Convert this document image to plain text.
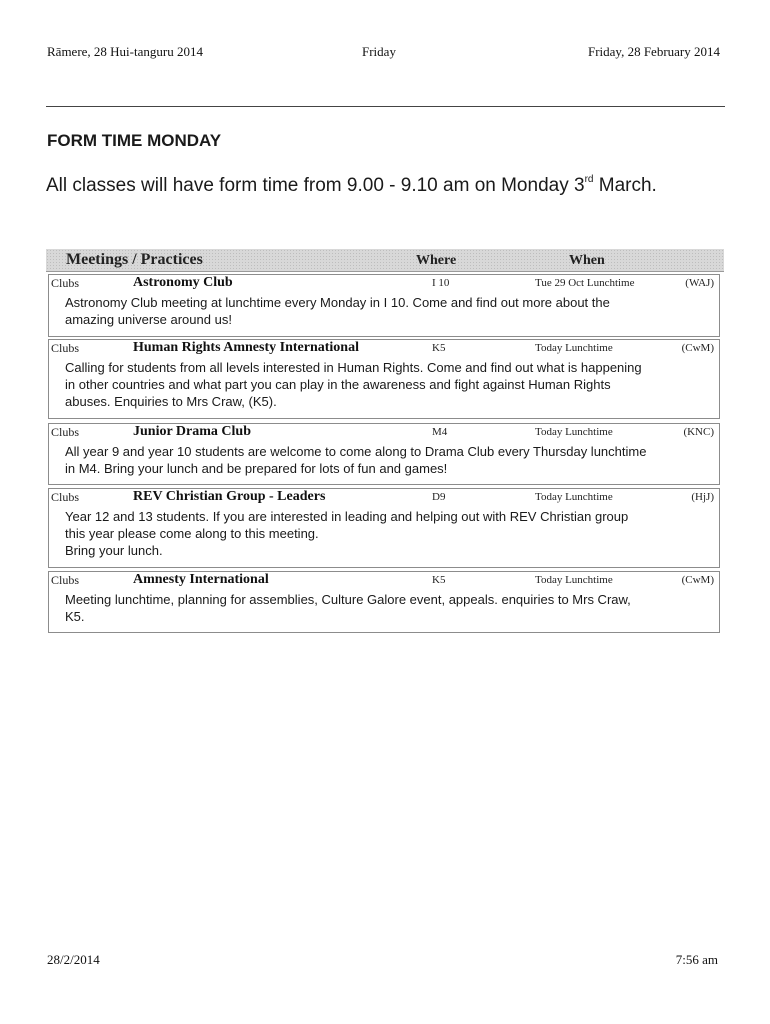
Rāmere, 28 Hui-tanguru 2014	Friday	Friday, 28 February 2014
FORM TIME MONDAY
All classes will have form time from 9.00 - 9.10 am on Monday 3rd March.
Meetings / Practices	Where	When
Clubs	Astronomy Club	I 10	Tue 29 Oct Lunchtime	(WAJ)
Astronomy Club meeting at lunchtime every Monday in I 10. Come and find out more about the
amazing universe around us!
Clubs	Human Rights Amnesty International	K5	Today Lunchtime	(CwM)
Calling for students from all levels interested in Human Rights. Come and find out what is happening
in other countries and what part you can play in the awareness and fight against Human Rights
abuses. Enquiries to Mrs Craw, (K5).
Clubs	Junior Drama Club	M4	Today Lunchtime	(KNC)
All year 9 and year 10 students are welcome to come along to Drama Club every Thursday lunchtime
in M4. Bring your lunch and be prepared for lots of fun and games!
Clubs	REV Christian Group - Leaders	D9	Today Lunchtime	(HjJ)
Year 12 and 13 students. If you are interested in leading and helping out with REV Christian group
this year please come along to this meeting.
Bring your lunch.
Clubs	Amnesty International	K5	Today Lunchtime	(CwM)
Meeting lunchtime, planning for assemblies, Culture Galore event, appeals. enquiries to Mrs Craw,
K5.
28/2/2014	7:56 am
